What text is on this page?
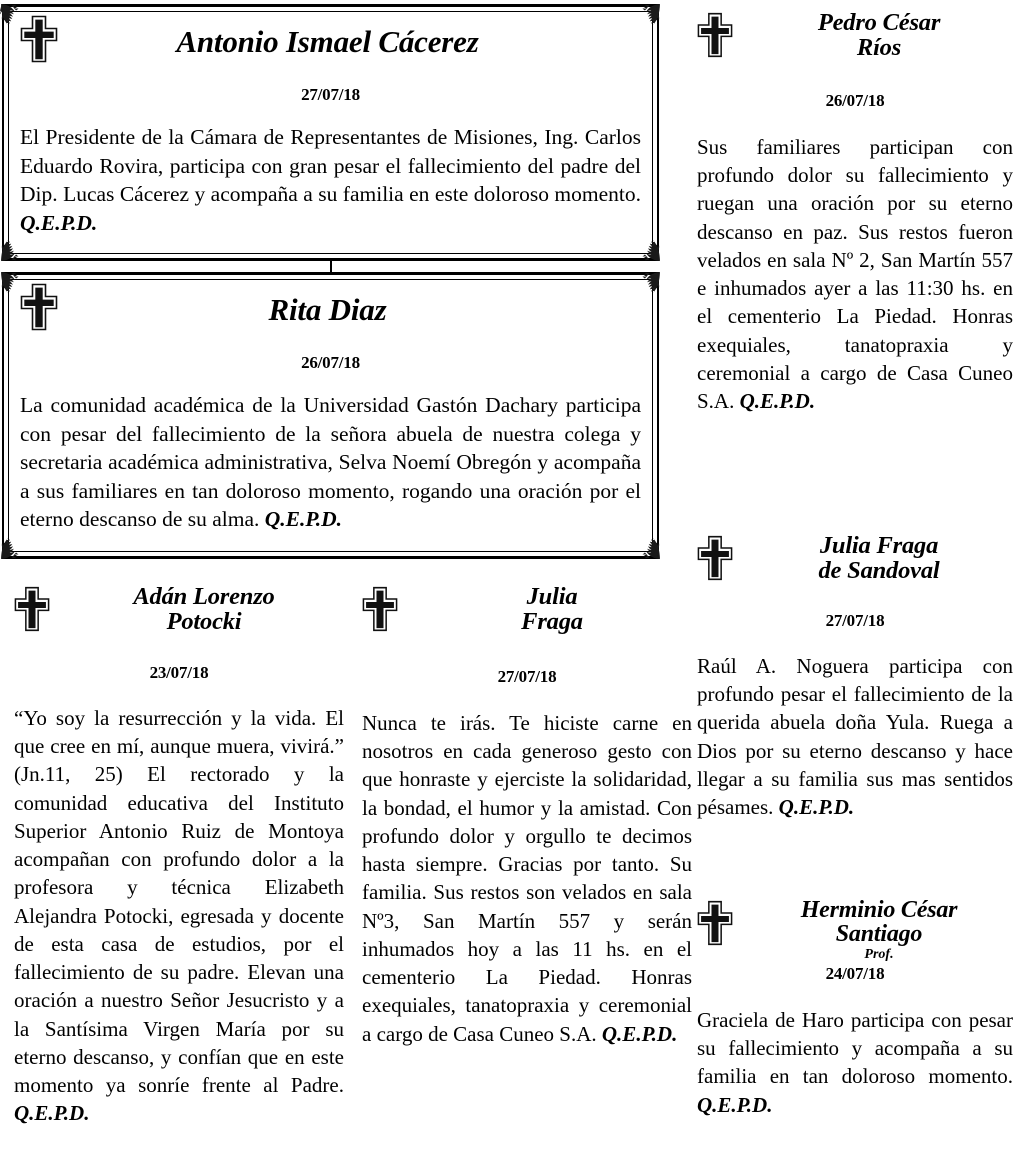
Antonio Ismael Cácerez
27/07/18
El Presidente de la Cámara de Representantes de Misiones, Ing. Carlos Eduardo Rovira, participa con gran pesar el fallecimiento del padre del Dip. Lucas Cácerez y acompaña a su familia en este doloroso momento. Q.E.P.D.
Rita Diaz
26/07/18
La comunidad académica de la Universidad Gastón Dachary participa con pesar del fallecimiento de la señora abuela de nuestra colega y secretaria académica administrativa, Selva Noemí Obregón y acompaña a sus familiares en tan doloroso momento, rogando una oración por el eterno descanso de su alma. Q.E.P.D.
Adán Lorenzo
Potocki
23/07/18
“Yo soy la resurrección y la vida. El que cree en mí, aunque muera, vivirá.” (Jn.11, 25) El rectorado y la comunidad educativa del Instituto Superior Antonio Ruiz de Montoya acompañan con profundo dolor a la profesora y técnica Elizabeth Alejandra Potocki, egresada y docente de esta casa de estudios, por el fallecimiento de su padre. Elevan una oración a nuestro Señor Jesucristo y a la Santísima Virgen María por su eterno descanso, y confían que en este momento ya sonríe frente al Padre. Q.E.P.D.
Julia
Fraga
27/07/18
Nunca te irás. Te hiciste carne en nosotros en cada generoso gesto con que honraste y ejerciste la solidaridad, la bondad, el humor y la amistad. Con profundo dolor y orgullo te decimos hasta siempre. Gracias por tanto. Su familia. Sus restos son velados en sala Nº3, San Martín 557 y serán inhumados hoy a las 11 hs. en el cementerio La Piedad. Honras exequiales, tanatopraxia y ceremonial a cargo de Casa Cuneo S.A. Q.E.P.D.
Pedro César
Ríos
26/07/18
Sus familiares participan con profundo dolor su fallecimiento y ruegan una oración por su eterno descanso en paz. Sus restos fueron velados en sala Nº 2, San Martín 557 e inhumados ayer a las 11:30 hs. en el cementerio La Piedad. Honras exequiales, tanatopraxia y ceremonial a cargo de Casa Cuneo S.A. Q.E.P.D.
Julia Fraga
de Sandoval
27/07/18
Raúl A. Noguera participa con profundo pesar el fallecimiento de la querida abuela doña Yula. Ruega a Dios por su eterno descanso y hace llegar a su familia sus mas sentidos pésames. Q.E.P.D.
Herminio César
Santiago
Prof.
24/07/18
Graciela de Haro participa con pesar su fallecimiento y acompaña a su familia en tan doloroso momento. Q.E.P.D.
